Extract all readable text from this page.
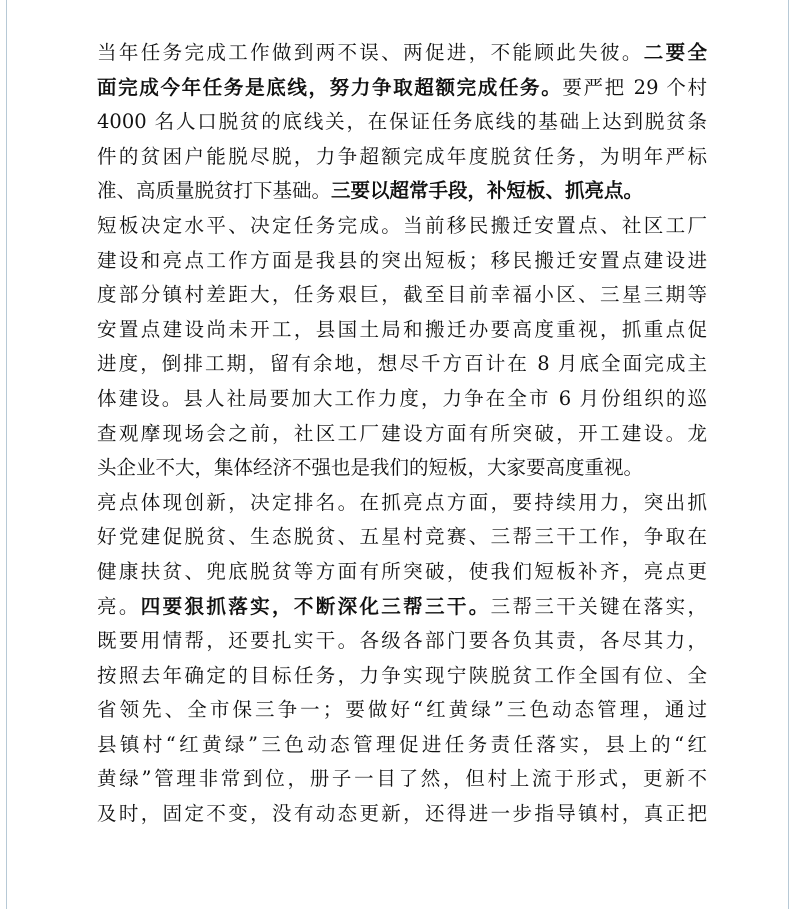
当年任务完成工作做到两不误、两促进，不能顾此失彼。二要全
面完成今年任务是底线，努力争取超额完成任务。要严把 29 个村
4000 名人口脱贫的底线关，在保证任务底线的基础上达到脱贫条
件的贫困户能脱尽脱，力争超额完成年度脱贫任务，为明年严标
准、高质量脱贫打下基础。三要以超常手段，补短板、抓亮点。
短板决定水平、决定任务完成。当前移民搬迁安置点、社区工厂
建设和亮点工作方面是我县的突出短板；移民搬迁安置点建设进
度部分镇村差距大，任务艰巨，截至目前幸福小区、三星三期等
安置点建设尚未开工，县国土局和搬迁办要高度重视，抓重点促
进度，倒排工期，留有余地，想尽千方百计在 8 月底全面完成主
体建设。县人社局要加大工作力度，力争在全市 6 月份组织的巡
查观摩现场会之前，社区工厂建设方面有所突破，开工建设。龙
头企业不大，集体经济不强也是我们的短板，大家要高度重视。
亮点体现创新，决定排名。在抓亮点方面，要持续用力，突出抓
好党建促脱贫、生态脱贫、五星村竞赛、三帮三干工作，争取在
健康扶贫、兜底脱贫等方面有所突破，使我们短板补齐，亮点更
亮。四要狠抓落实，不断深化三帮三干。三帮三干关键在落实，
既要用情帮，还要扎实干。各级各部门要各负其责，各尽其力，
按照去年确定的目标任务，力争实现宁陕脱贫工作全国有位、全
省领先、全市保三争一；要做好“红黄绿”三色动态管理，通过
县镇村“红黄绿”三色动态管理促进任务责任落实，县上的“红
黄绿”管理非常到位，册子一目了然，但村上流于形式，更新不
及时，固定不变，没有动态更新，还得进一步指导镇村，真正把
